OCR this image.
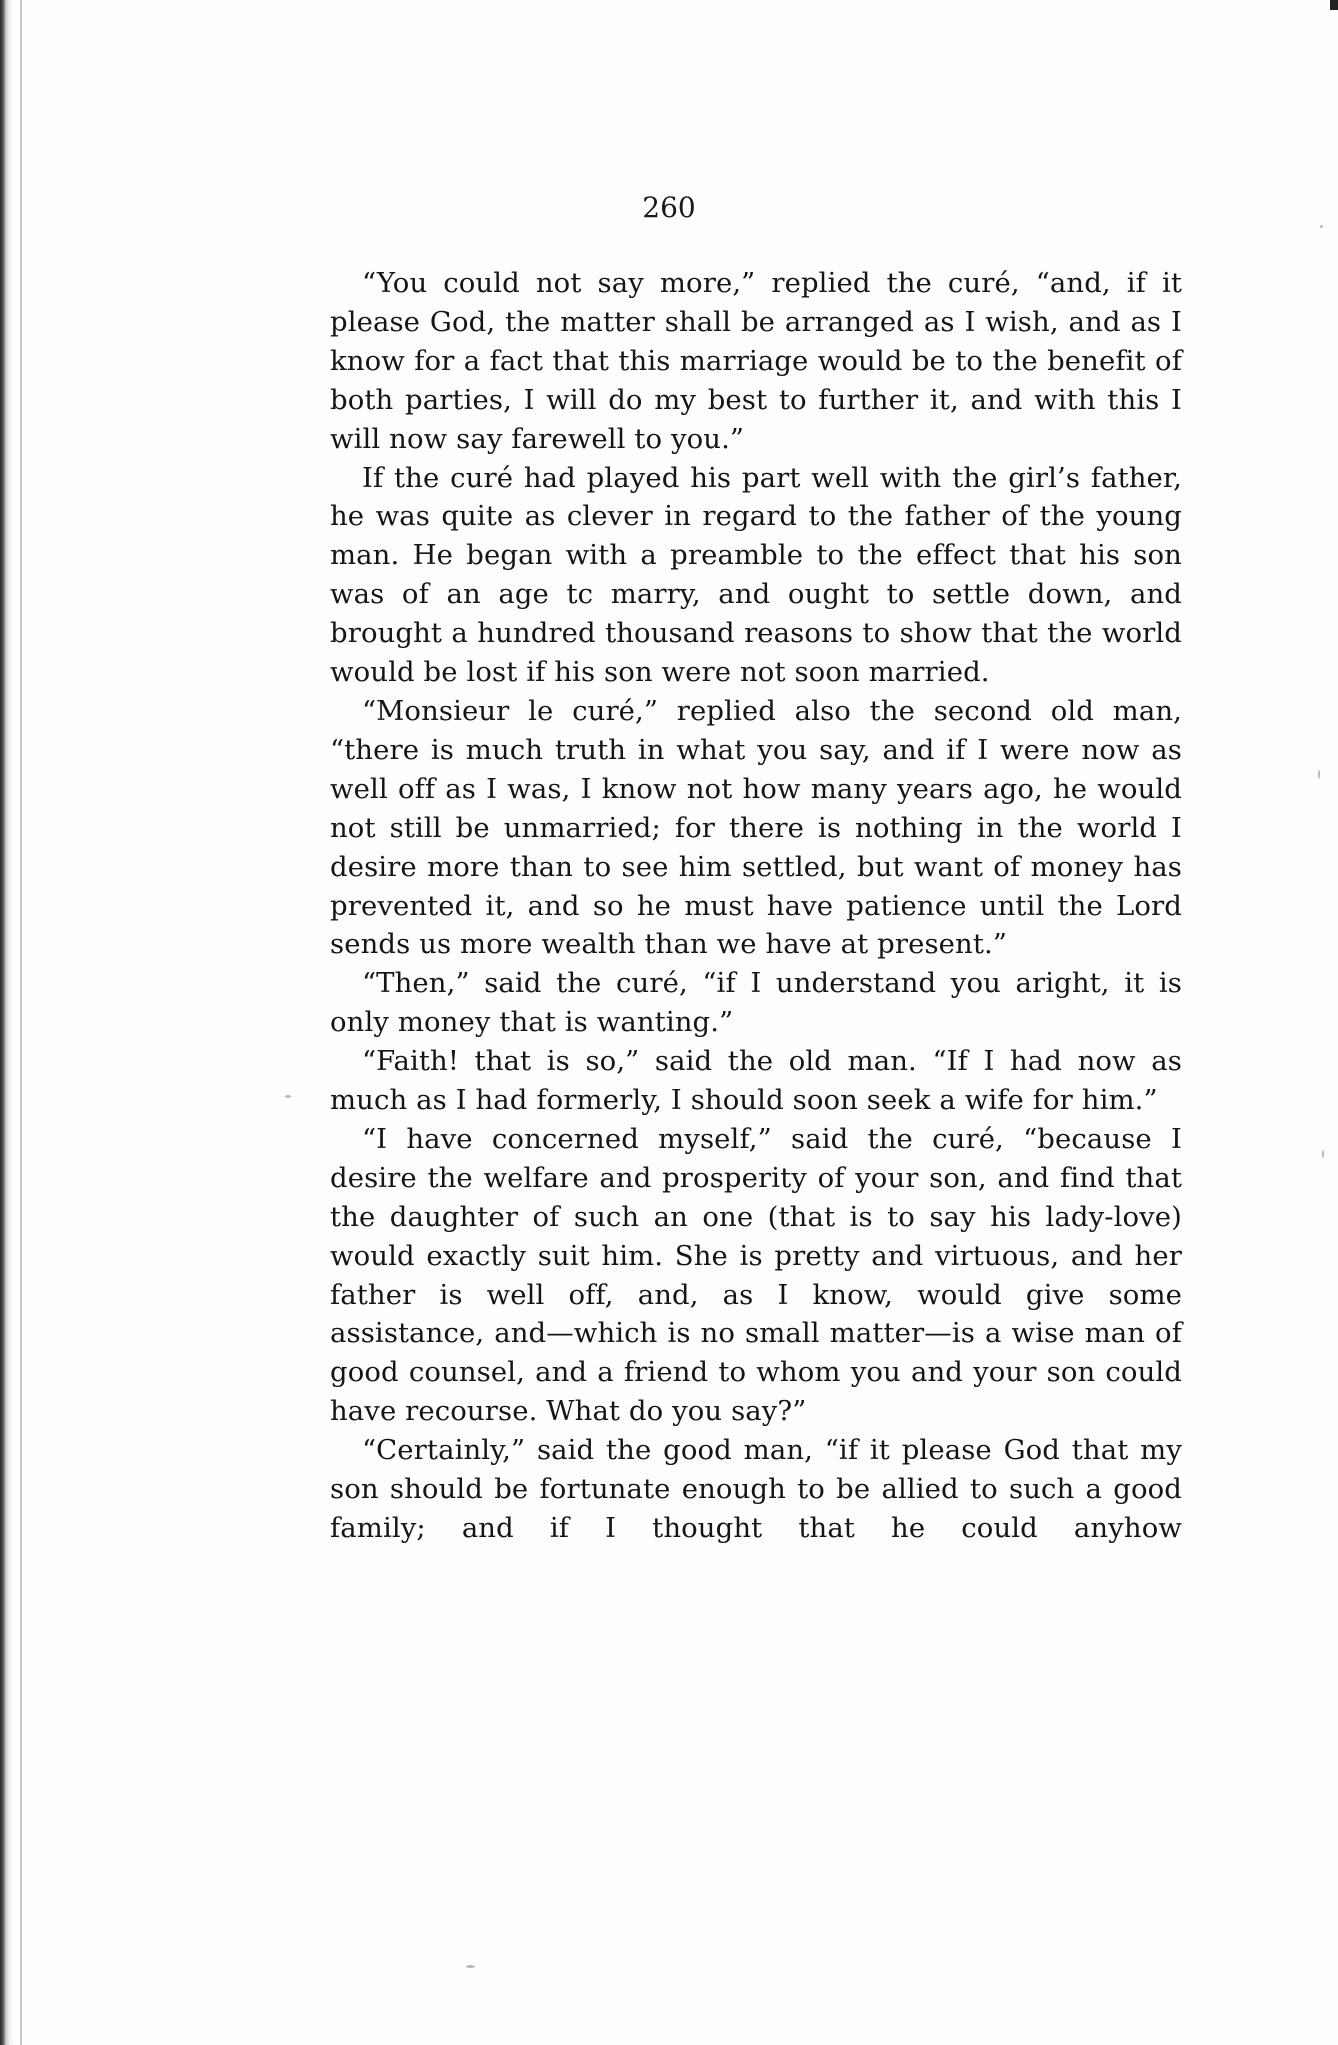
260

“You could not say more,” replied the curé, “and, if it please God, the matter shall be arranged as I wish, and as I know for a fact that this marriage would be to the benefit of both parties, I will do my best to further it, and with this I will now say farewell to you.”

If the curé had played his part well with the girl’s father, he was quite as clever in regard to the father of the young man. He began with a preamble to the effect that his son was of an age tc marry, and ought to settle down, and brought a hundred thousand reasons to show that the world would be lost if his son were not soon married.

“Monsieur le curé,” replied also the second old man, “there is much truth in what you say, and if I were now as well off as I was, I know not how many years ago, he would not still be unmarried; for there is nothing in the world I desire more than to see him settled, but want of money has prevented it, and so he must have patience until the Lord sends us more wealth than we have at present.”

“Then,” said the curé, “if I understand you aright, it is only money that is wanting.”

“Faith! that is so,” said the old man. “If I had now as much as I had formerly, I should soon seek a wife for him.”

“I have concerned myself,” said the curé, “because I desire the welfare and prosperity of your son, and find that the daughter of such an one (that is to say his lady-love) would exactly suit him. She is pretty and virtuous, and her father is well off, and, as I know, would give some assistance, and—which is no small matter—is a wise man of good counsel, and a friend to whom you and your son could have recourse. What do you say?”

“Certainly,” said the good man, “if it please God that my son should be fortunate enough to be allied to such a good family; and if I thought that he could anyhow
